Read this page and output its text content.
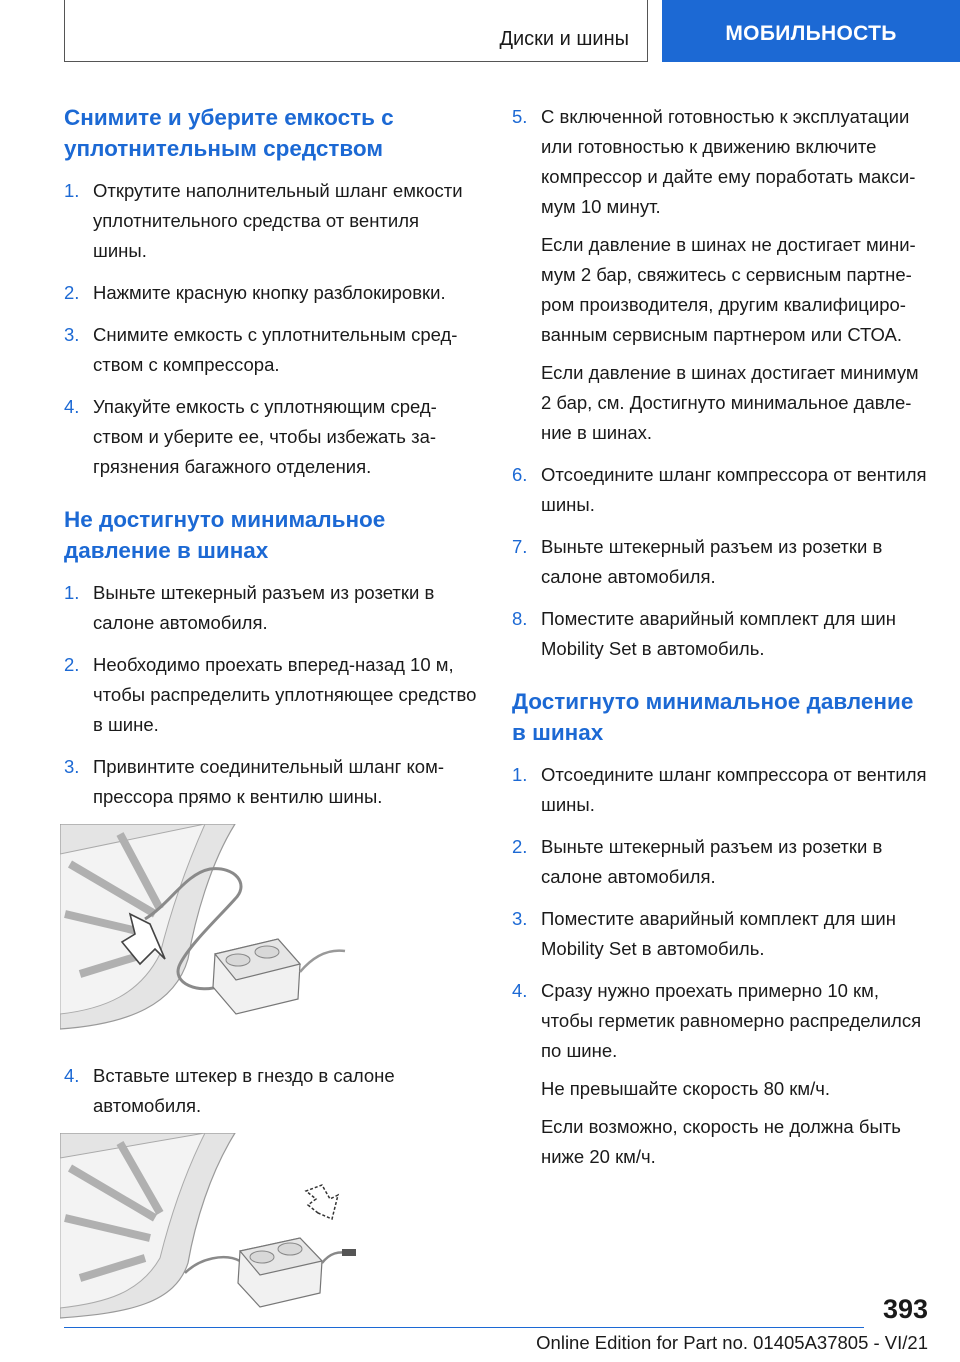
Диски и шины	МОБИЛЬНОСТЬ
Снимите и уберите емкость с уплотнительным средством
1. Открутите наполнительный шланг емкости уплотнительного средства от вентиля шины.
2. Нажмите красную кнопку разблокировки.
3. Снимите емкость с уплотнительным средством с компрессора.
4. Упакуйте емкость с уплотняющим средством и уберите ее, чтобы избежать загрязнения багажного отделения.
Не достигнуто минимальное давление в шинах
1. Выньте штекерный разъем из розетки в салоне автомобиля.
2. Необходимо проехать вперед-назад 10 м, чтобы распределить уплотняющее средство в шине.
3. Привинтите соединительный шланг компрессора прямо к вентилю шины.
4. Вставьте штекер в гнездо в салоне автомобиля.
5. С включенной готовностью к эксплуатации или готовностью к движению включите компрессор и дайте ему поработать максимум 10 минут.
Если давление в шинах не достигает минимум 2 бар, свяжитесь с сервисным партнером производителя, другим квалифицированным сервисным партнером или СТОА.
Если давление в шинах достигает минимум 2 бар, см. Достигнуто минимальное давление в шинах.
6. Отсоедините шланг компрессора от вентиля шины.
7. Выньте штекерный разъем из розетки в салоне автомобиля.
8. Поместите аварийный комплект для шин Mobility Set в автомобиль.
Достигнуто минимальное давление в шинах
1. Отсоедините шланг компрессора от вентиля шины.
2. Выньте штекерный разъем из розетки в салоне автомобиля.
3. Поместите аварийный комплект для шин Mobility Set в автомобиль.
4. Сразу нужно проехать примерно 10 км, чтобы герметик равномерно распределился по шине.
Не превышайте скорость 80 км/ч.
Если возможно, скорость не должна быть ниже 20 км/ч.
393
Online Edition for Part no. 01405A37805 - VI/21
